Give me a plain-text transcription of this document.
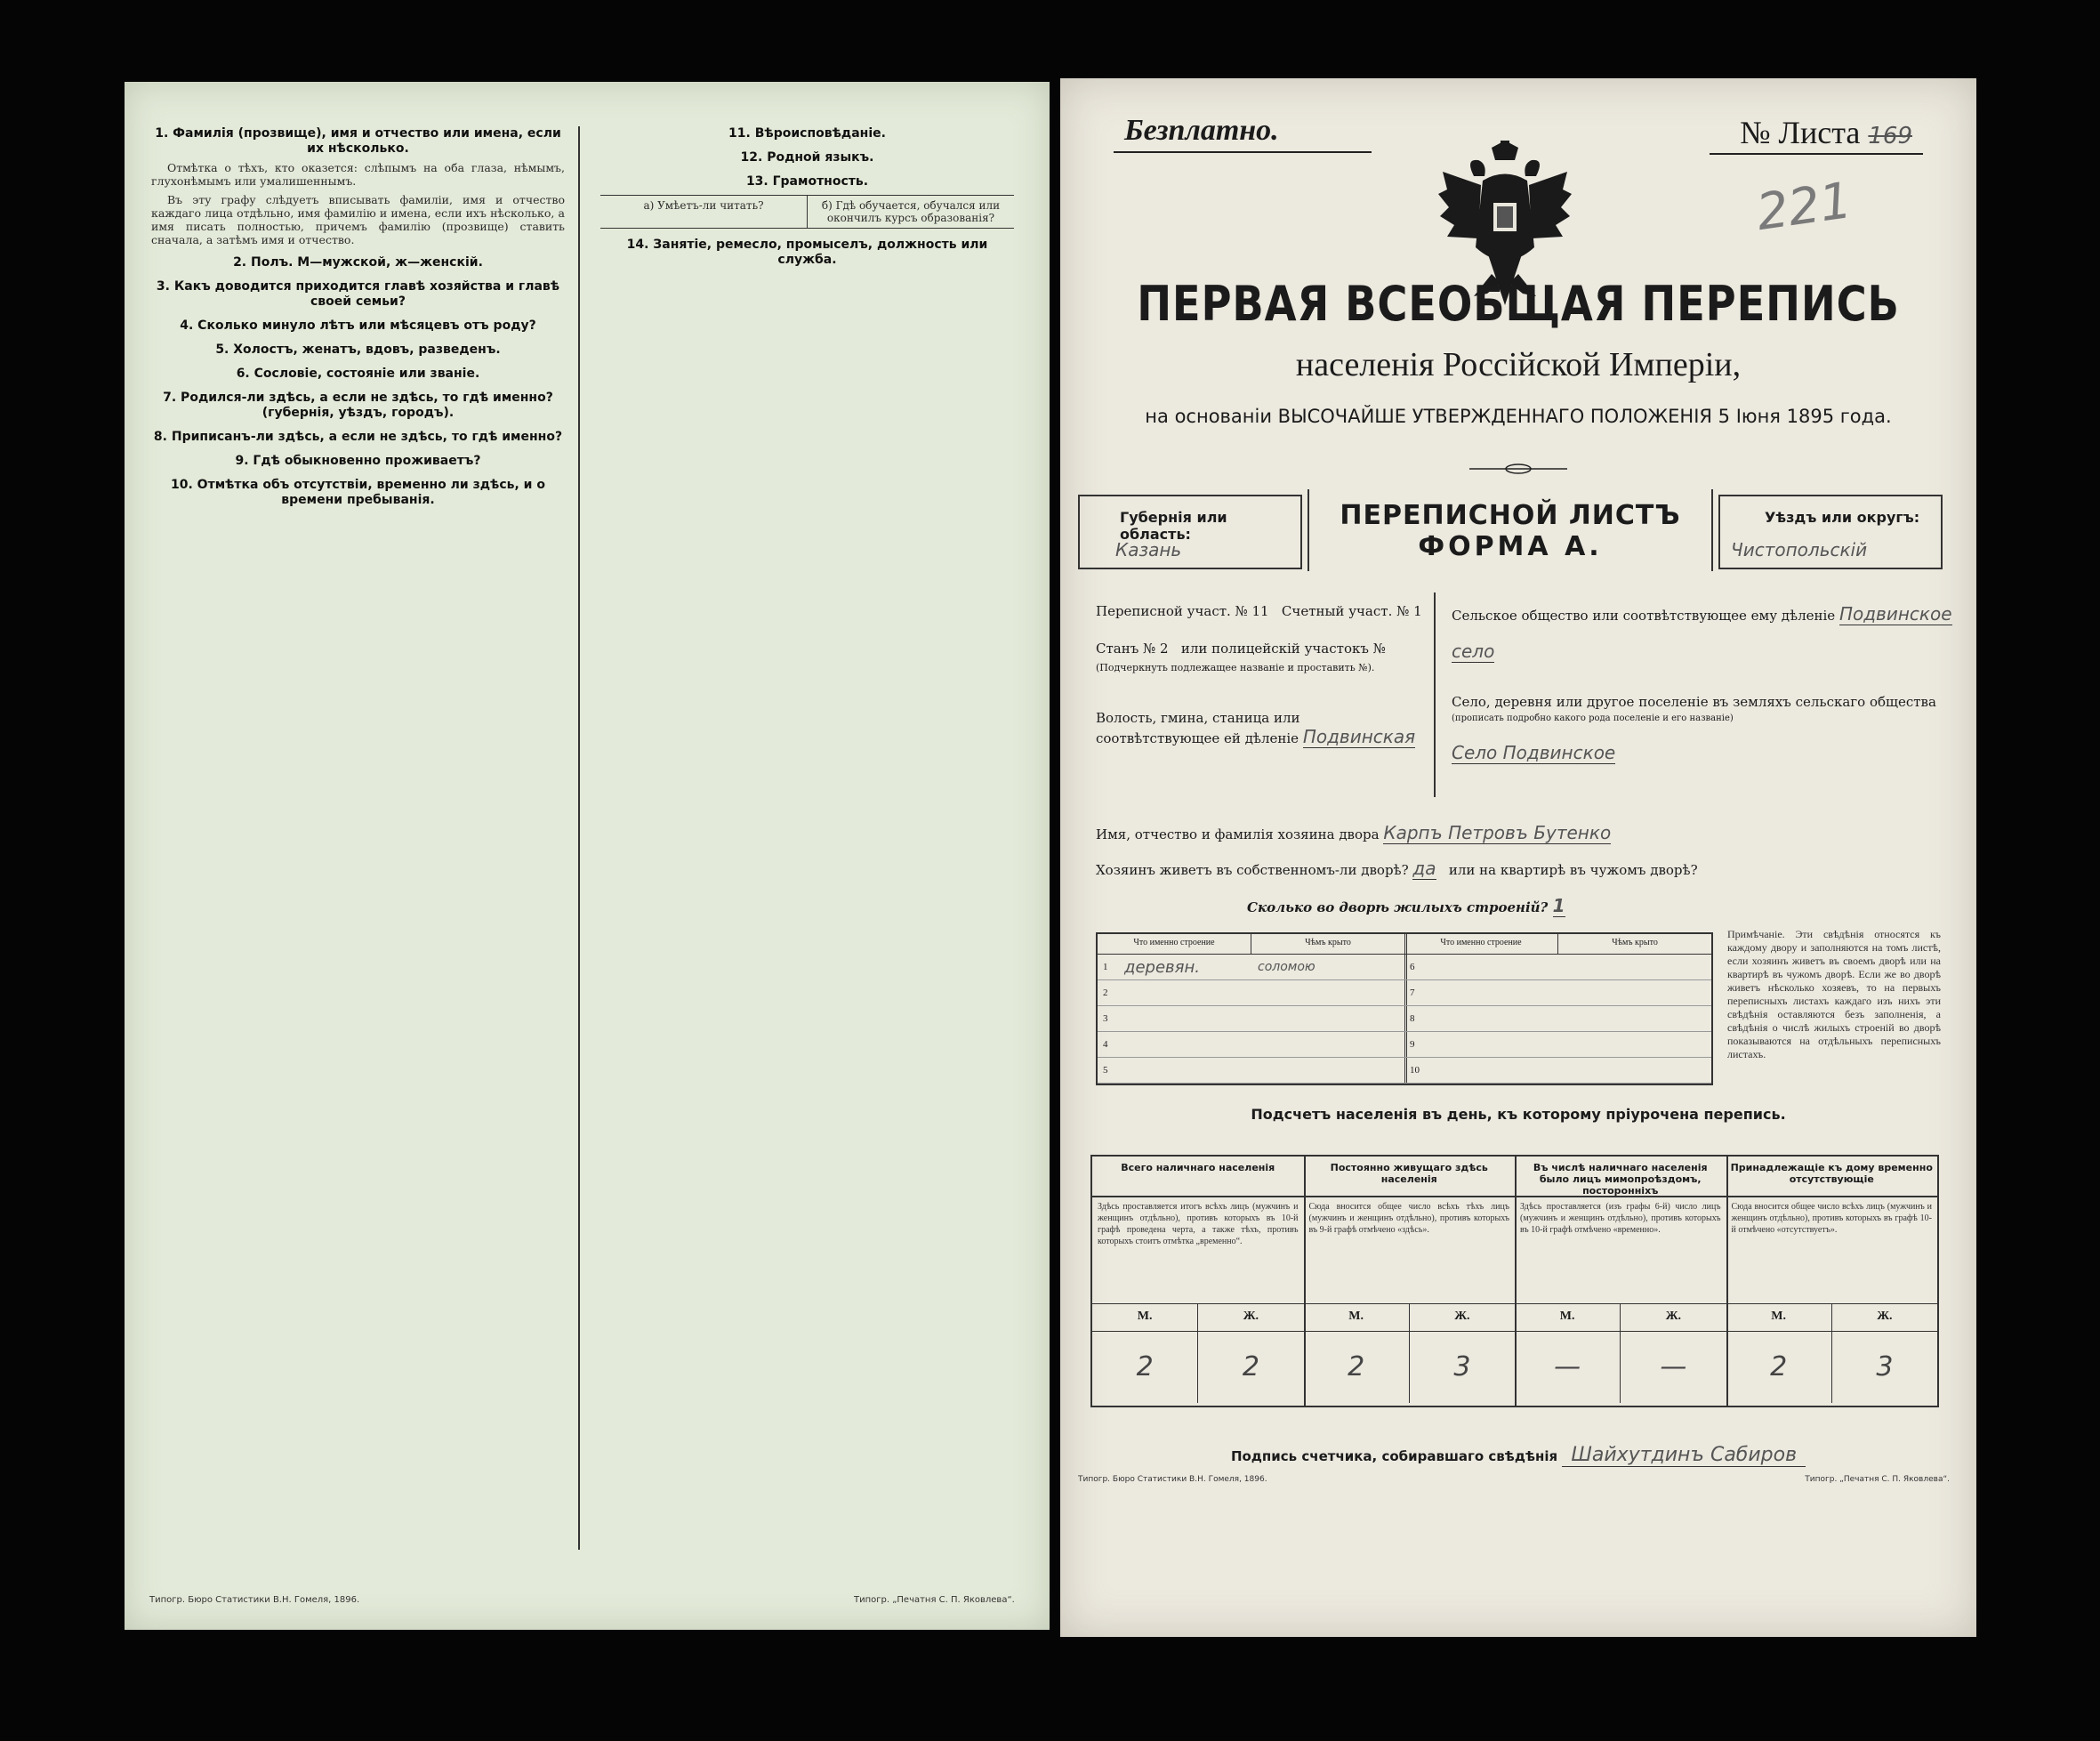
1. Фамилія (прозвище), имя и отчество или имена, если их нѣсколько.

Отмѣтка о тѣхъ, кто оказется: слѣпымъ на оба глаза, нѣмымъ, глухонѣмымъ или умалишеннымъ.

Въ эту графу слѣдуетъ вписывать фамиліи, имя и отчество каждаго лица отдѣльно, имя фамилію и имена, если ихъ нѣсколько, а имя писать полностью, причемъ фамилію (прозвище) ставить сначала, а затѣмъ имя и отчество.

2. Полъ. М—мужской, ж—женскій.
3. Какъ доводится приходится главѣ хозяйства и главѣ своей семьи?
4. Сколько минуло лѣтъ или мѣсяцевъ отъ роду?
5. Холостъ, женатъ, вдовъ, разведенъ.
6. Сословіе, состояніе или званіе.
7. Родился-ли здѣсь, а если не здѣсь, то гдѣ именно? (губернія, уѣздъ, городъ).
8. Приписанъ-ли здѣсь, а если не здѣсь, то гдѣ именно?
9. Гдѣ обыкновенно проживаетъ?
10. Отмѣтка объ отсутствіи, временно ли здѣсь, и о времени пребыванія.
11. Вѣроисповѣданіе.
12. Родной языкъ.
13. Грамотность.
а) Умѣетъ-ли читать?	б) Гдѣ обучается, обучался или окончилъ курсъ образованія?
14. Занятіе, ремесло, промыселъ, должность или служба.
Типогр. Бюро Статистики В.Н. Гомеля, 1896.	Типогр. „Печатня С. П. Яковлева“.
Безплатно.	№ Листа 169
221
ПЕРВАЯ ВСЕОБЩАЯ ПЕРЕПИСЬ
населенія Россійской Имперіи,
на основаніи ВЫСОЧАЙШЕ УТВЕРЖДЕННАГО ПОЛОЖЕНІЯ 5 Іюня 1895 года.
Губернія или область:
Казань
ПЕРЕПИСНОЙ ЛИСТЪ
ФОРМА А.
Уѣздъ или округъ:
Чистопольскій
Переписной участ. № 11 Счетный участ. № 1
Станъ № 2 или полицейскій участокъ №
(Подчеркнуть подлежащее названіе и проставить №).
Волость, гмина, станица или соотвѣтствующее ей дѣленіе Подвинская
Сельское общество или соотвѣтствующее ему дѣленіе Подвинское
село
Село, деревня или другое поселеніе въ земляхъ сельскаго общества
(прописать подробно какого рода поселеніе и его названіе)
Село Подвинское
Имя, отчество и фамилія хозяина двора Карпъ Петровъ Бутенко
Хозяинъ живетъ въ собственномъ-ли дворѣ? да или на квартирѣ въ чужомъ дворѣ?
Сколько во дворѣ жилыхъ строеній? 1
Что именно строение	Чѣмъ крыто
1 деревян.	соломою
2
3
4
5
Что именно строение	Чѣмъ крыто
6
7
8
9
10
Примѣчаніе. Эти свѣдѣнія относятся къ каждому двору и заполняются на томъ листѣ, если хозяинъ живетъ въ своемъ дворѣ или на квартирѣ въ чужомъ дворѣ. Если же во дворѣ живетъ нѣсколько хозяевъ, то на первыхъ переписныхъ листахъ каждаго изъ нихъ эти свѣдѣнія оставляются безъ заполненія, а свѣдѣнія о числѣ жилыхъ строеній во дворѣ показываются на отдѣльныхъ переписныхъ листахъ.
Подсчетъ населенія въ день, къ которому пріурочена перепись.
Всего наличнаго населенія
Здѣсь проставляется итогъ всѣхъ лицъ (мужчинъ и женщинъ отдѣльно), противъ которыхъ въ 10-й графѣ проведена черта, а также тѣхъ, противъ которыхъ стоитъ отмѣтка „временно“.
М.	Ж.
2	2
Постоянно живущаго здѣсь населенія
Сюда вносится общее число всѣхъ тѣхъ лицъ (мужчинъ и женщинъ отдѣльно), противъ которыхъ въ 9-й графѣ отмѣчено «здѣсь».
М.	Ж.
2	3
Въ числѣ наличнаго населенія было лицъ мимопроѣздомъ, посторонніхъ
Здѣсь проставляется (изъ графы 6-й) число лицъ (мужчинъ и женщинъ отдѣльно), противъ которыхъ въ 10-й графѣ отмѣчено «временно».
М.	Ж.
—	—
Принадлежащіе къ дому временно отсутствующіе
Сюда вносится общее число всѣхъ лицъ (мужчинъ и женщинъ отдѣльно), противъ которыхъ въ графѣ 10-й отмѣчено «отсутствуетъ».
М.	Ж.
2	3
Подпись счетчика, собиравшаго свѣдѣнія Шайхутдинъ Сабиров
Типогр. Бюро Статистики В.Н. Гомеля, 1896.	Типогр. „Печатня С. П. Яковлева“.
